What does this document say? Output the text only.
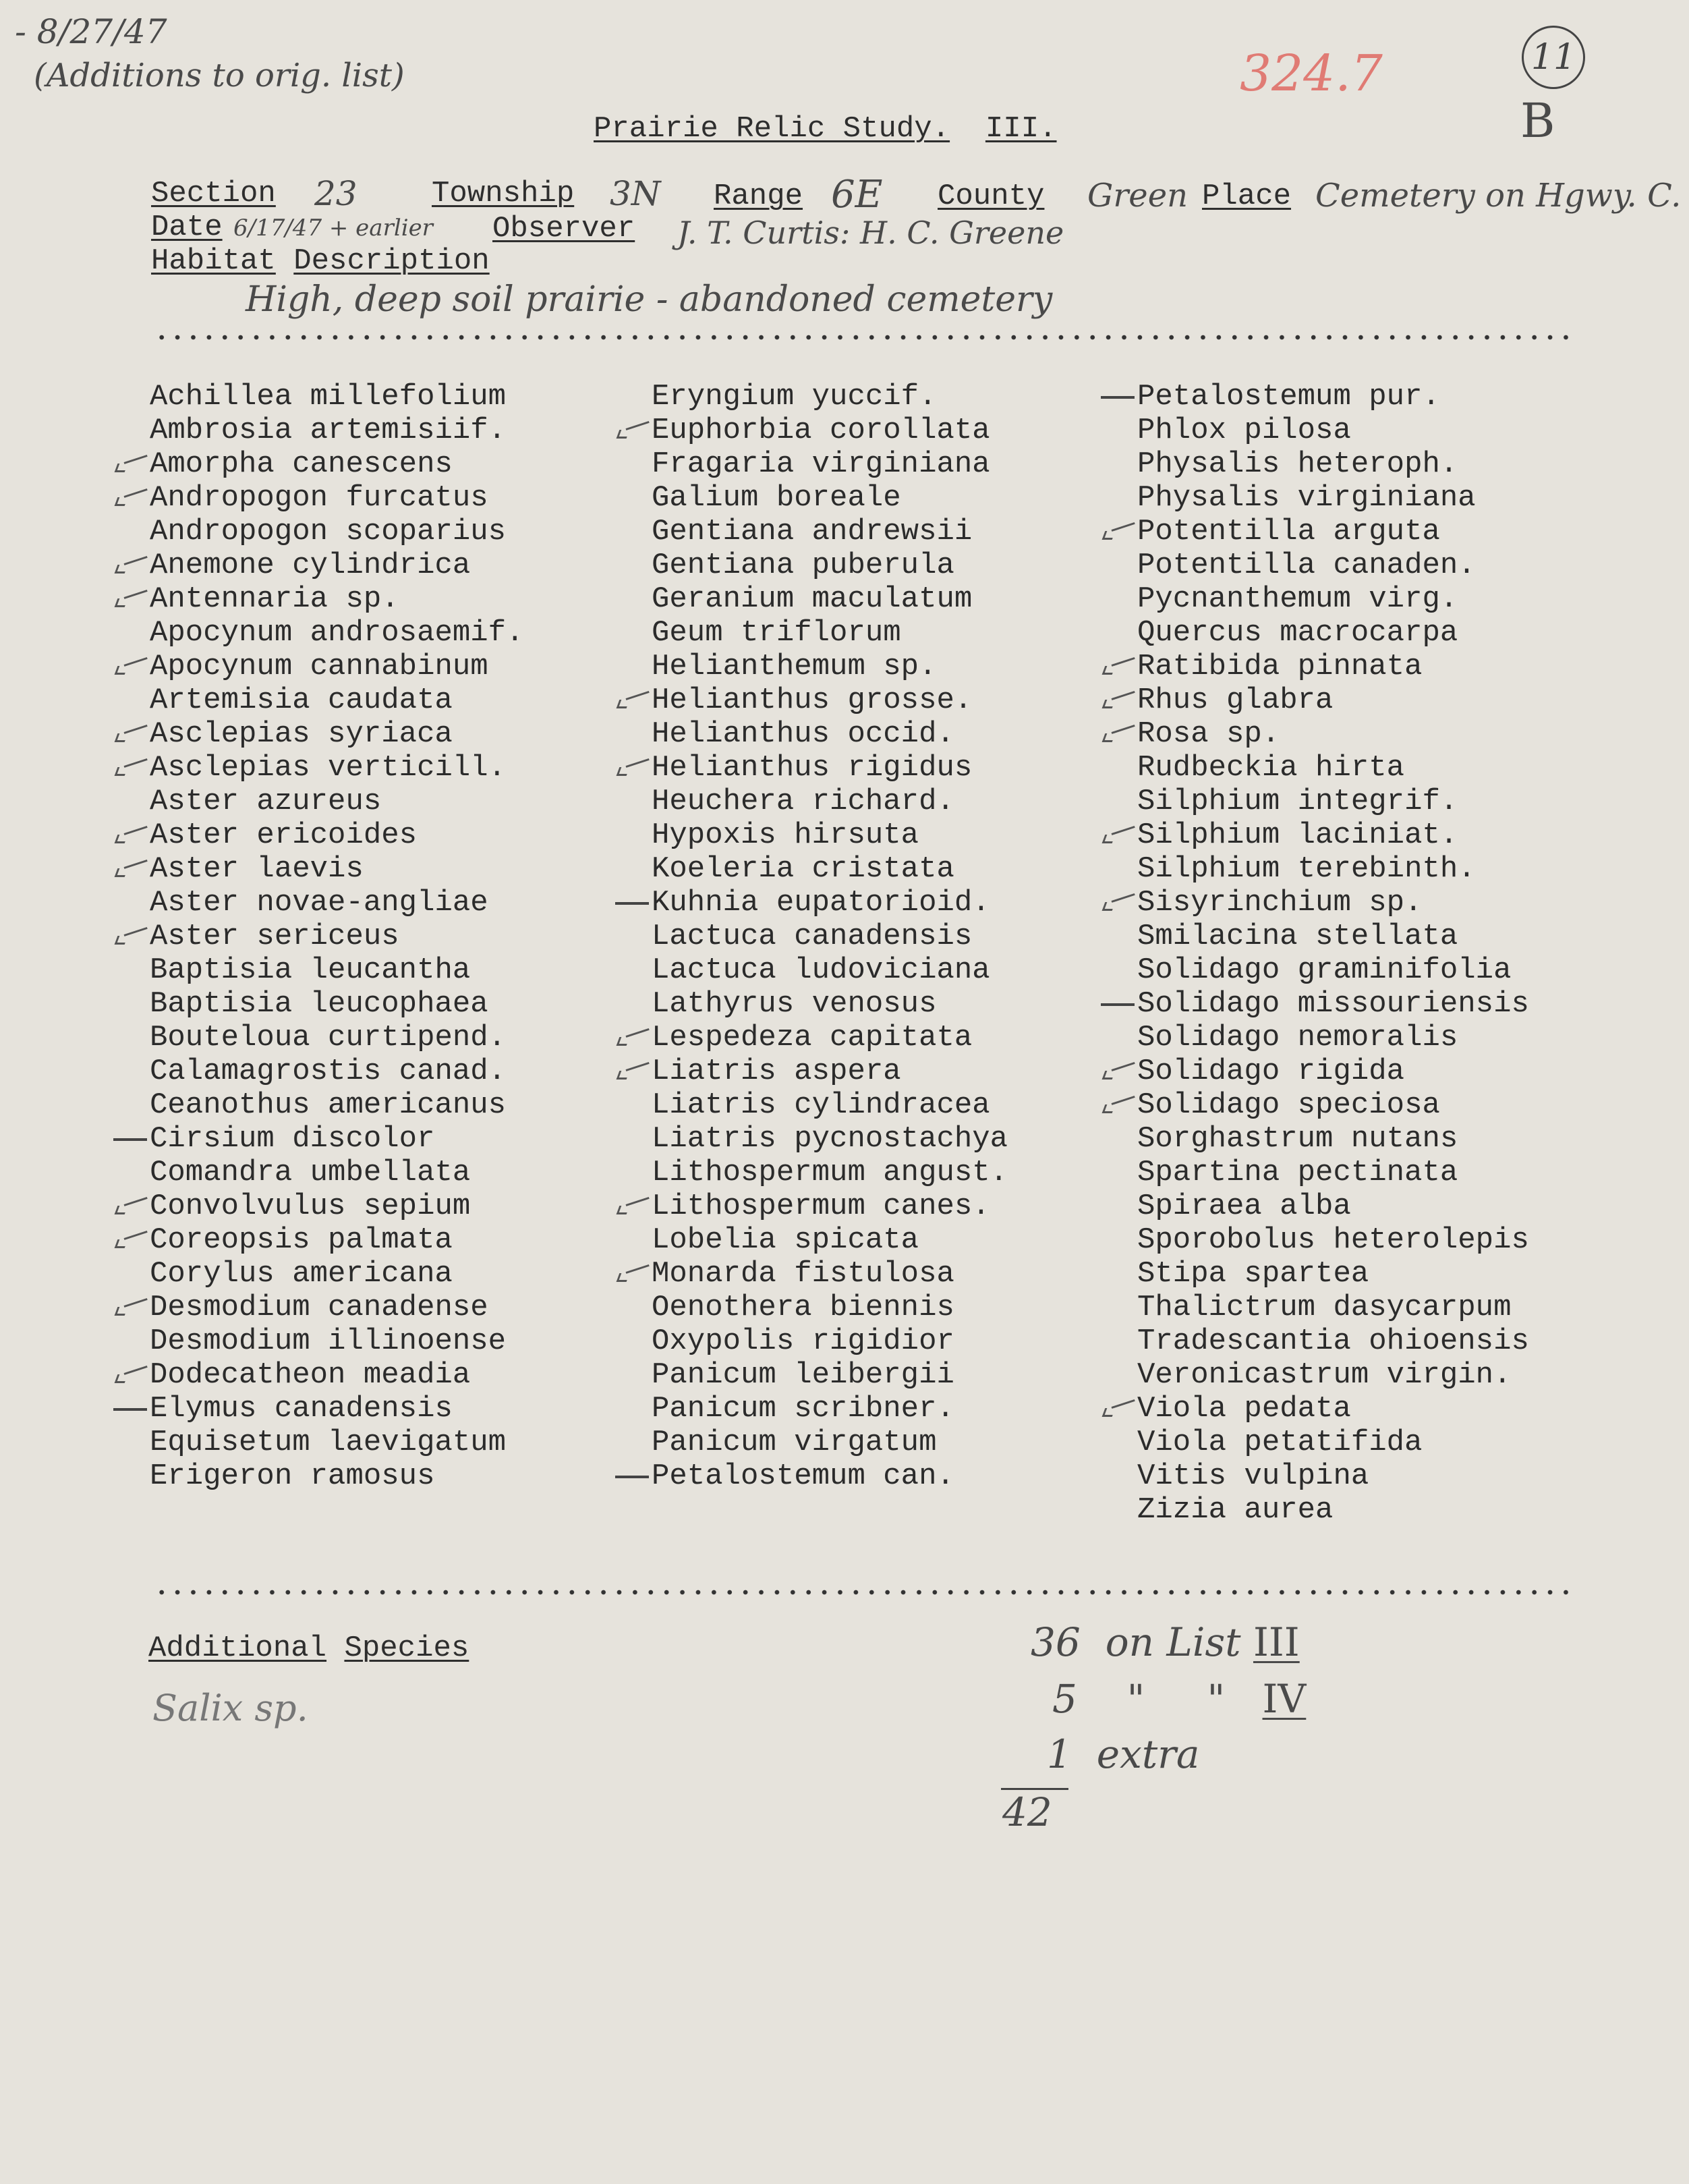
- 8/27/47
(Additions to orig. list)	324.7	11
B
Prairie Relic Study. III.
Section 23	Township 3N Range 6E County Green Place Cemetery on Hgwy. C.
Date 6/17/47 + earlier Observer J. T. Curtis: H. C. Greene
Habitat Description
High, deep soil prairie - abandoned cemetery
Achillea millefolium
Ambrosia artemisiif.
Amorpha canescens
Andropogon furcatus
Andropogon scoparius
Anemone cylindrica
Antennaria sp.
Apocynum androsaemif.
Apocynum cannabinum
Artemisia caudata
Asclepias syriaca
Asclepias verticill.
Aster azureus
Aster ericoides
Aster laevis
Aster novae-angliae
Aster sericeus
Baptisia leucantha
Baptisia leucophaea
Bouteloua curtipend.
Calamagrostis canad.
Ceanothus americanus
Cirsium discolor
Comandra umbellata
Convolvulus sepium
Coreopsis palmata
Corylus americana
Desmodium canadense
Desmodium illinoense
Dodecatheon meadia
Elymus canadensis
Equisetum laevigatum
Erigeron ramosus
Eryngium yuccif.
Euphorbia corollata
Fragaria virginiana
Galium boreale
Gentiana andrewsii
Gentiana puberula
Geranium maculatum
Geum triflorum
Helianthemum sp.
Helianthus grosse.
Helianthus occid.
Helianthus rigidus
Heuchera richard.
Hypoxis hirsuta
Koeleria cristata
Kuhnia eupatorioid.
Lactuca canadensis
Lactuca ludoviciana
Lathyrus venosus
Lespedeza capitata
Liatris aspera
Liatris cylindracea
Liatris pycnostachya
Lithospermum angust.
Lithospermum canes.
Lobelia spicata
Monarda fistulosa
Oenothera biennis
Oxypolis rigidior
Panicum leibergii
Panicum scribner.
Panicum virgatum
Petalostemum can.
Petalostemum pur.
Phlox pilosa
Physalis heteroph.
Physalis virginiana
Potentilla arguta
Potentilla canaden.
Pycnanthemum virg.
Quercus macrocarpa
Ratibida pinnata
Rhus glabra
Rosa sp.
Rudbeckia hirta
Silphium integrif.
Silphium laciniat.
Silphium terebinth.
Sisyrinchium sp.
Smilacina stellata
Solidago graminifolia
Solidago missouriensis
Solidago nemoralis
Solidago rigida
Solidago speciosa
Sorghastrum nutans
Spartina pectinata
Spiraea alba
Sporobolus heterolepis
Stipa spartea
Thalictrum dasycarpum
Tradescantia ohioensis
Veronicastrum virgin.
Viola pedata
Viola petatifida
Vitis vulpina
Zizia aurea
Additional Species
Salix sp.
36 on List III
5 "     " IV
1 extra
42
